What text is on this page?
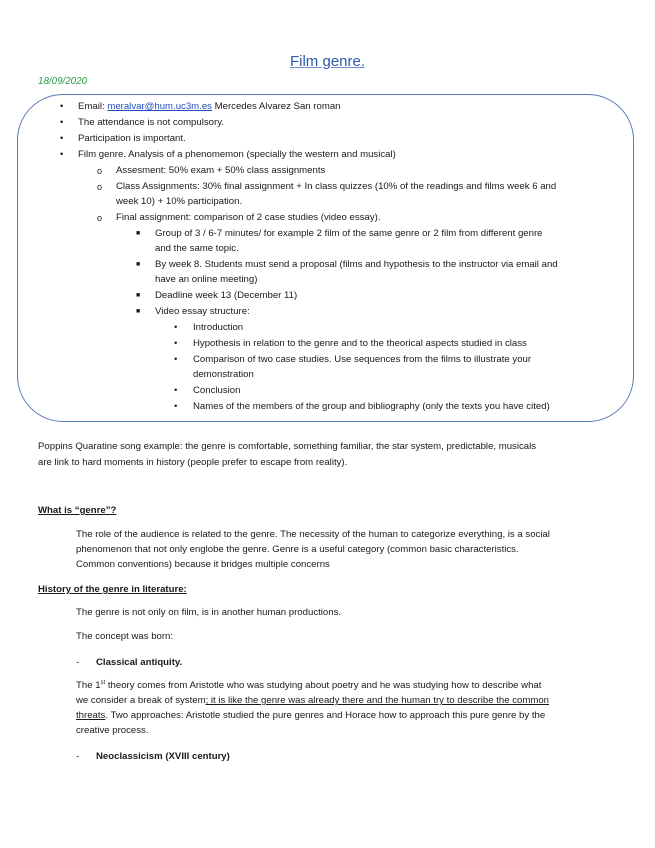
Film genre.
18/09/2020
• Email: meralvar@hum.uc3m.es Mercedes Alvarez San roman
• The attendance is not compulsory.
• Participation is important.
• Film genre. Analysis of a phenomemon (specially the western and musical)
o Assesment: 50% exam + 50% class assignments
o Class Assignments: 30% final assignment + In class quizzes (10% of the readings and films week 6 and
week 10) + 10% participation.
o Final assignment: comparison of 2 case studies (video essay).
■ Group of 3 / 6-7 minutes/ for example 2 film of the same genre or 2 film from different genre
and the same topic.
■ By week 8. Students must send a proposal (films and hypothesis to the instructor via email and
have an online meeting)
■ Deadline week 13 (December 11)
■ Video essay structure:
• Introduction
• Hypothesis in relation to the genre and to the theorical aspects studied in class
• Comparison of two case studies. Use sequences from the films to illustrate your
demonstration
• Conclusion
• Names of the members of the group and bibliography (only the texts you have cited)
Poppins Quaratine song example: the genre is comfortable, something familiar, the star system, predictable, musicals
are link to hard moments in history (people prefer to escape from reality).
What is “genre”?
The role of the audience is related to the genre. The necessity of the human to categorize everything, is a social
phenomenon that not only englobe the genre. Genre is a useful category (common basic characteristics.
Common conventions) because it bridges multiple concerns
History of the genre in literature:
The genre is not only on film, is in another human productions.
The concept was born:
- Classical antiquity.
The 1st theory comes from Aristotle who was studying about poetry and he was studying how to describe what
we consider a break of system; it is like the genre was already there and the human try to describe the common
threats. Two approaches: Aristotle studied the pure genres and Horace how to approach this pure genre by the
creative process.
- Neoclassicism (XVIII century)
